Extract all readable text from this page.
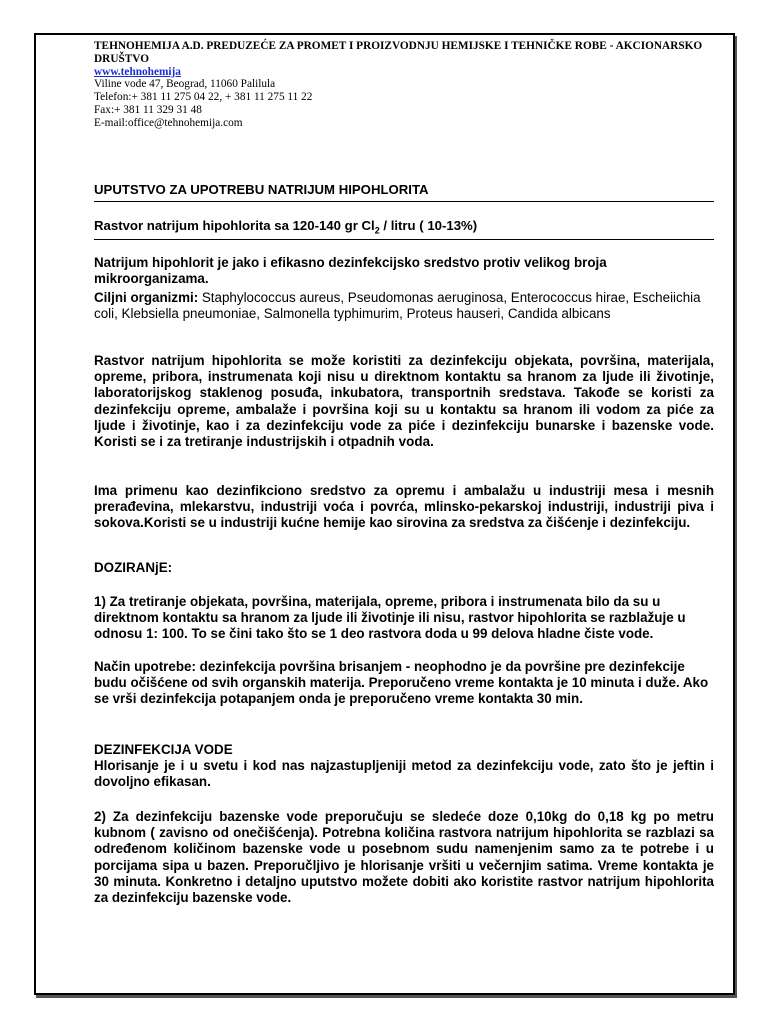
TEHNOHEMIJA A.D. PREDUZEĆE ZA PROMET I PROIZVODNJU HEMIJSKE I TEHNIČKE ROBE - AKCIONARSKO DRUŠTVO
www.tehnohemija
Viline vode 47, Beograd, 11060 Palilula
Telefon:+ 381 11 275 04 22, + 381 11 275 11 22
Fax:+ 381 11 329 31 48
E-mail:office@tehnohemija.com
UPUTSTVO ZA UPOTREBU NATRIJUM HIPOHLORITA
Rastvor natrijum hipohlorita sa 120-140 gr $Cl_2$ / litru ( 10-13%)
Natrijum hipohlorit je jako i efikasno dezinfekcijsko sredstvo protiv velikog broja mikroorganizama.
Ciljni organizmi: Staphylococcus aureus, Pseudomonas aeruginosa, Enterococcus hirae, Escheiichia coli, Klebsiella pneumoniae, Salmonella typhimurim, Proteus hauseri, Candida albicans
Rastvor natrijum hipohlorita se može koristiti za dezinfekciju objekata, površina, materijala, opreme, pribora, instrumenata koji nisu u direktnom kontaktu sa hranom za ljude ili životinje, laboratorijskog staklenog posuđa, inkubatora, transportnih sredstava. Takođe se koristi za dezinfekciju opreme, ambalaže i površina koji su u kontaktu sa hranom ili vodom za piće za ljude i životinje, kao i za dezinfekciju vode za piće i dezinfekciju bunarske i bazenske vode. Koristi se i za tretiranje industrijskih i otpadnih voda.
Ima primenu kao dezinfikciono sredstvo za opremu i ambalažu u industriji mesa i mesnih prerađevina, mlekarstvu, industriji voća i povrća, mlinsko-pekarskoj industriji, industriji piva i sokova.Koristi se u industriji kućne hemije kao sirovina za sredstva za čišćenje i dezinfekciju.
DOZIRANjE:
1) Za tretiranje objekata, površina, materijala, opreme, pribora i instrumenata bilo da su u direktnom kontaktu sa hranom za ljude ili životinje ili nisu, rastvor hipohlorita se razblažuje u odnosu 1: 100. To se čini tako što se 1 deo rastvora doda u 99 delova hladne čiste vode.
Način upotrebe: dezinfekcija površina brisanjem - neophodno je da površine pre dezinfekcije budu očišćene od svih organskih materija. Preporučeno vreme kontakta je 10 minuta i duže. Ako se vrši dezinfekcija potapanjem onda je preporučeno vreme kontakta 30 min.
DEZINFEKCIJA VODE
Hlorisanje je i u svetu i kod nas najzastupljeniji metod za dezinfekciju vode, zato što je jeftin i dovoljno efikasan.
2) Za dezinfekciju bazenske vode preporučuju se sledeće doze 0,10kg do 0,18 kg po metru kubnom ( zavisno od onečišćenja). Potrebna količina rastvora natrijum hipohlorita se razblazi sa određenom količinom bazenske vode u posebnom sudu namenjenim samo za te potrebe i u porcijama sipa u bazen. Preporučljivo je hlorisanje vršiti u večernjim satima. Vreme kontakta je 30 minuta. Konkretno i detaljno uputstvo možete dobiti ako koristite rastvor natrijum hipohlorita za dezinfekciju bazenske vode.
